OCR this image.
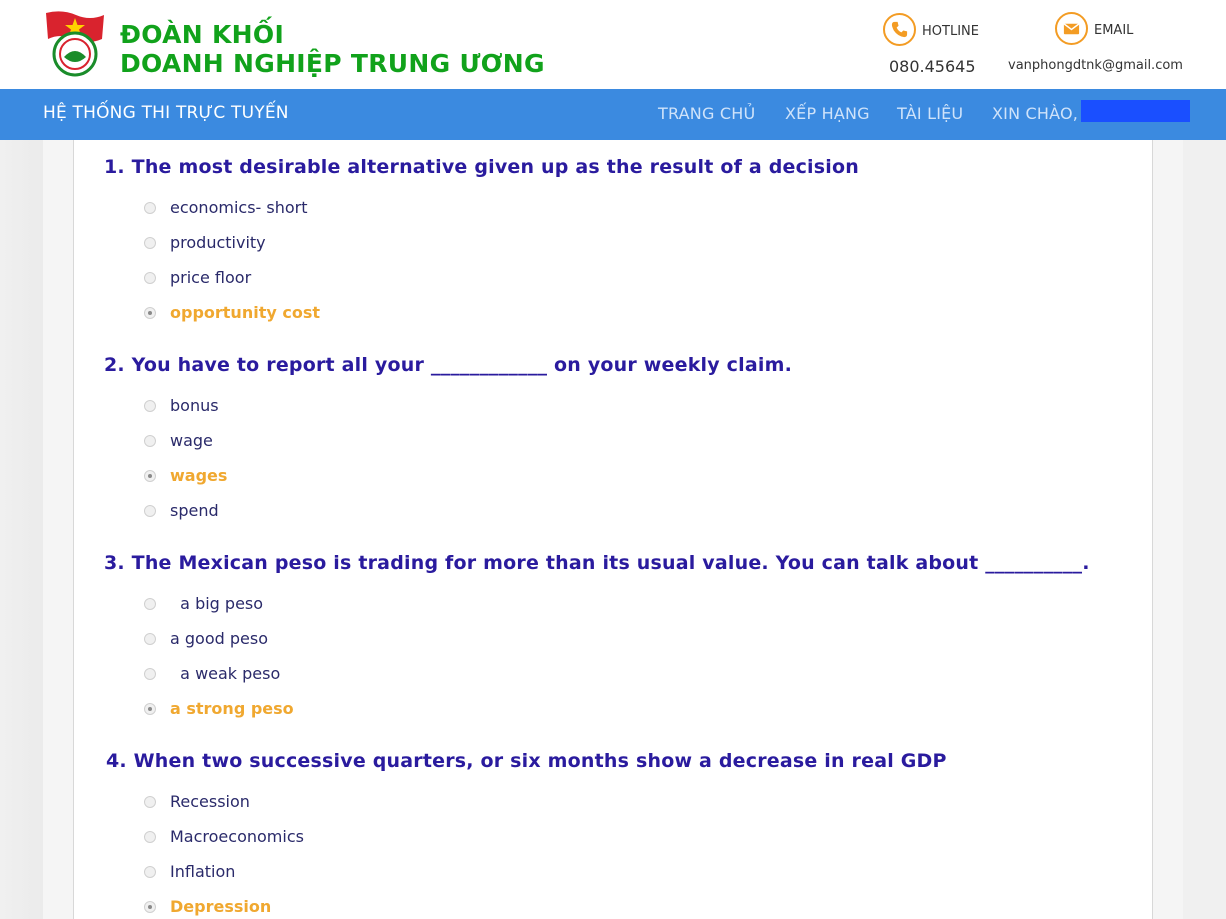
ĐOÀN KHỐI
DOANH NGHIỆP TRUNG ƯƠNG
HOTLINE
080.45645
EMAIL
vanphongdtnk@gmail.com
HỆ THỐNG THI TRỰC TUYẾN	TRANG CHỦ XẾP HẠNG TÀI LIỆU XIN CHÀO,
1. The most desirable alternative given up as the result of a decision
economics- short
productivity
price floor
opportunity cost
2. You have to report all your ____________ on your weekly claim.
bonus
wage
wages
spend
3. The Mexican peso is trading for more than its usual value. You can talk about __________.
a big peso
a good peso
a weak peso
a strong peso
4. When two successive quarters, or six months show a decrease in real GDP
Recession
Macroeconomics
Inflation
Depression
